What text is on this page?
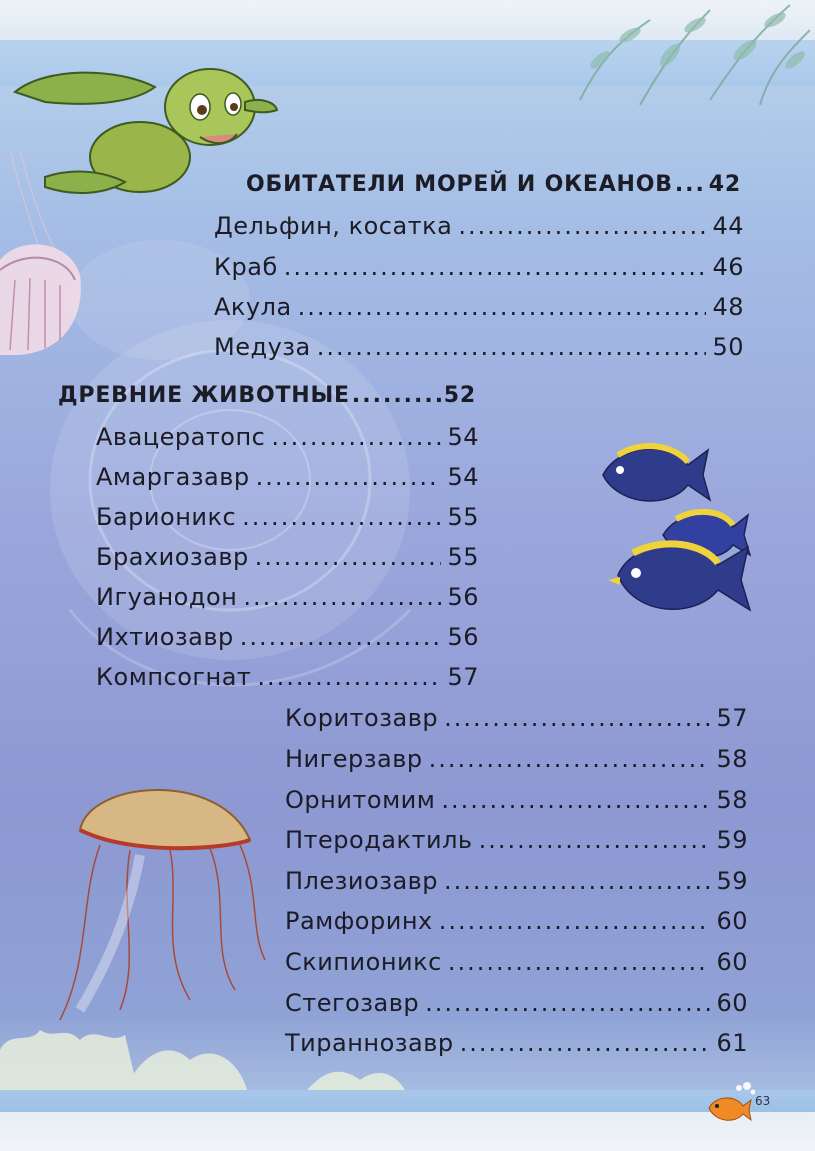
63
ОБИТАТЕЛИ МОРЕЙ И ОКЕАНОВ ..... 42
Дельфин, косатка .....	44
Краб .....	46
Акула .....	48
Медуза .....	50
ДРЕВНИЕ ЖИВОТНЫЕ .....	52
Авацератопс .....	54
Амаргазавр .....	54
Барионикс .....	55
Брахиозавр .....	55
Игуанодон .....	56
Ихтиозавр .....	56
Компсогнат .....	57
Коритозавр .....	57
Нигерзавр .....	58
Орнитомим .....	58
Птеродактиль .....	59
Плезиозавр .....	59
Рамфоринх .....	60
Скипионикс .....	60
Стегозавр .....	60
Тираннозавр .....	61
